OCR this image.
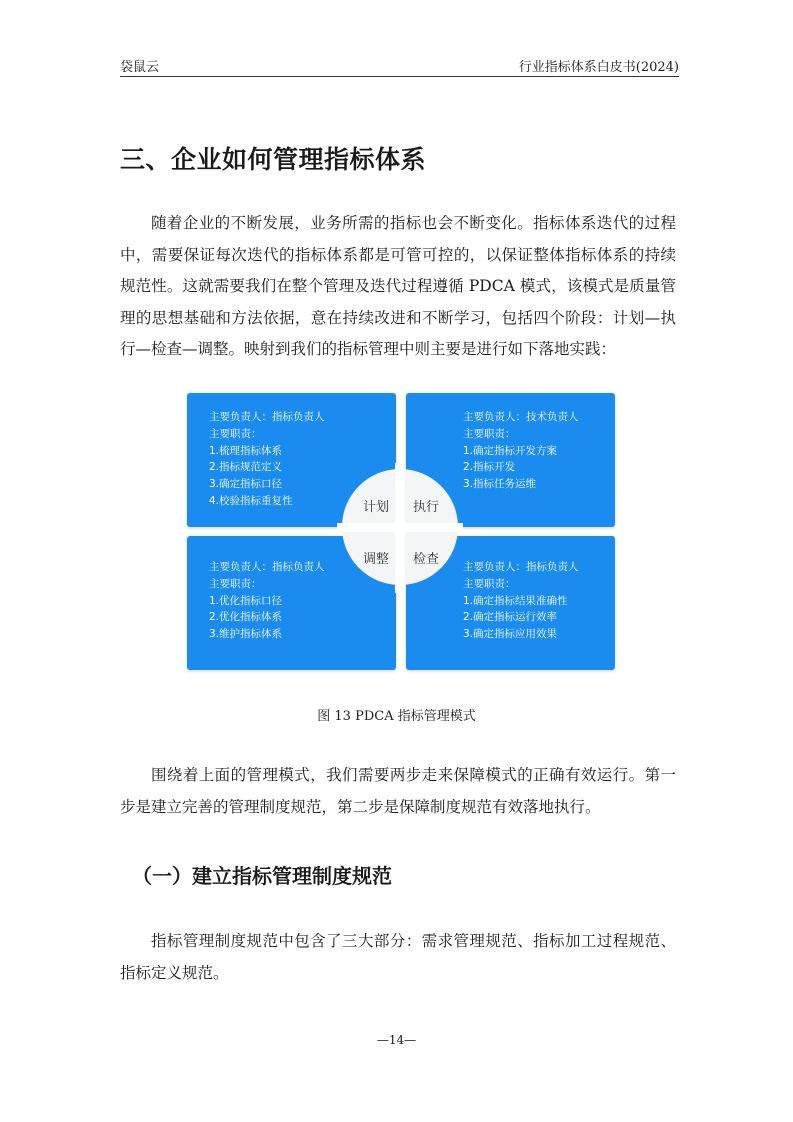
袋鼠云	行业指标体系白皮书(2024)
三、企业如何管理指标体系

随着企业的不断发展，业务所需的指标也会不断变化。指标体系迭代的过程中，需要保证每次迭代的指标体系都是可管可控的，以保证整体指标体系的持续规范性。这就需要我们在整个管理及迭代过程遵循 PDCA 模式，该模式是质量管理的思想基础和方法依据，意在持续改进和不断学习，包括四个阶段：计划—执行—检查—调整。映射到我们的指标管理中则主要是进行如下落地实践：

主要负责人：指标负责人
主要职责：
1.梳理指标体系
2.指标规范定义
3.确定指标口径
4.校验指标重复性
主要负责人：技术负责人
主要职责：
1.确定指标开发方案
2.指标开发
3.指标任务运维
主要负责人：指标负责人
主要职责：
1.优化指标口径
2.优化指标体系
3.维护指标体系
主要负责人：指标负责人
主要职责：
1.确定指标结果准确性
2.确定指标运行效率
3.确定指标应用效果
计划 执行
调整 检查
图 13 PDCA 指标管理模式

围绕着上面的管理模式，我们需要两步走来保障模式的正确有效运行。第一步是建立完善的管理制度规范，第二步是保障制度规范有效落地执行。

（一）建立指标管理制度规范

指标管理制度规范中包含了三大部分：需求管理规范、指标加工过程规范、指标定义规范。

—14—
